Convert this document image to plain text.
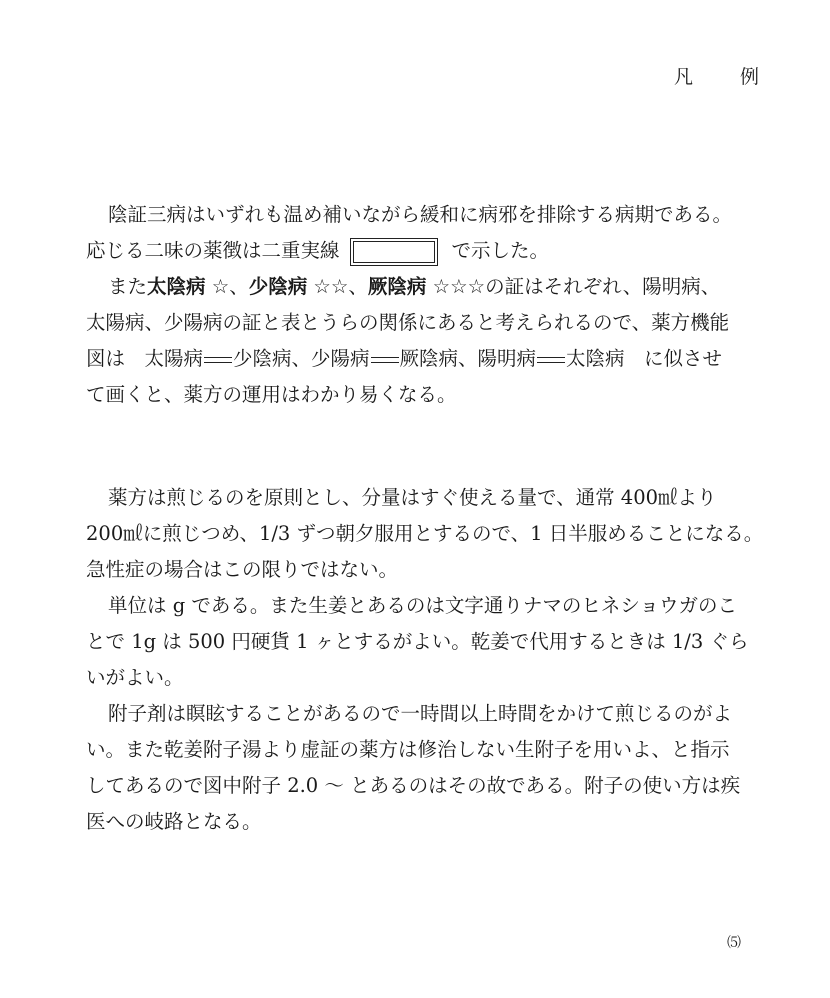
凡　例
陰証三病はいずれも温め補いながら緩和に病邪を排除する病期である。
応じる二味の薬徴は二重実線	で示した。
また太陰病 ☆、少陰病 ☆☆、厥陰病 ☆☆☆の証はそれぞれ、陽明病、
太陽病、少陽病の証と表とうらの関係にあると考えられるので、薬方機能
図は　太陽病 少陰病、少陽病 厥陰病、陽明病 太陰病　に似させ
て画くと、薬方の運用はわかり易くなる。
薬方は煎じるのを原則とし、分量はすぐ使える量で、通常 400㎖より
200㎖に煎じつめ、1/3 ずつ朝夕服用とするので、1 日半服めることになる。
急性症の場合はこの限りではない。
単位は g である。また生姜とあるのは文字通りナマのヒネショウガのこ
とで 1g は 500 円硬貨 1 ヶとするがよい。乾姜で代用するときは 1/3 ぐら
いがよい。
附子剤は瞑眩することがあるので一時間以上時間をかけて煎じるのがよ
い。また乾姜附子湯より虚証の薬方は修治しない生附子を用いよ、と指示
してあるので図中附子 2.0 ～ とあるのはその故である。附子の使い方は疾
医への岐路となる。
⑸
